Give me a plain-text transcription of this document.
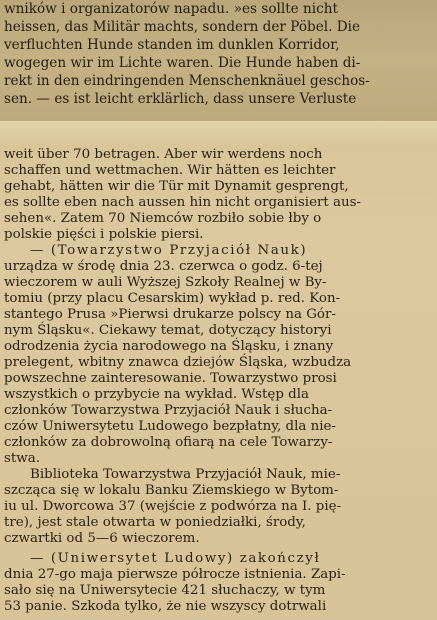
wników i organizatorów napadu. »es sollte nicht
heissen, das Militär machts, sondern der Pöbel. Die
verfluchten Hunde standen im dunklen Korridor,
wogegen wir im Lichte waren. Die Hunde haben di-
rekt in den eindringenden Menschenknäuel geschos-
sen. — es ist leicht erklärlich, dass unsere Verluste
weit über 70 betragen. Aber wir werdens noch
schaffen und wettmachen. Wir hätten es leichter
gehabt, hätten wir die Tür mit Dynamit gesprengt,
es sollte eben nach aussen hin nicht organisiert aus-
sehen«. Zatem 70 Niemców rozbiło sobie łby o
polskie pięści i polskie piersi.
— (Towarzystwo Przyjaciół Nauk)
urządza w środę dnia 23. czerwca o godz. 6-tej
wieczorem w auli Wyższej Szkoły Realnej w By-
tomiu (przy placu Cesarskim) wykład p. red. Kon-
stantego Prusa »Pierwsi drukarze polscy na Gór-
nym Śląsku«. Ciekawy temat, dotyczący historyi
odrodzenia życia narodowego na Śląsku, i znany
prelegent, wbitny znawca dziejów Śląska, wzbudza
powszechne zainteresowanie. Towarzystwo prosi
wszystkich o przybycie na wykład. Wstęp dla
członków Towarzystwa Przyjaciół Nauk i słucha-
czów Uniwersytetu Ludowego bezpłatny, dla nie-
członków za dobrowolną ofiarą na cele Towarzy-
stwa.
Biblioteka Towarzystwa Przyjaciół Nauk, mie-
szcząca się w lokalu Banku Ziemskiego w Bytom-
iu ul. Dworcowa 37 (wejście z podwórza na I. pię-
tre), jest stale otwarta w poniedziałki, środy,
czwartki od 5—6 wieczorem.
— (Uniwersytet Ludowy) zakończył
dnia 27-go maja pierwsze półrocze istnienia. Zapi-
sało się na Uniwersytecie 421 słuchaczy, w tym
53 panie. Szkoda tylko, że nie wszyscy dotrwali
